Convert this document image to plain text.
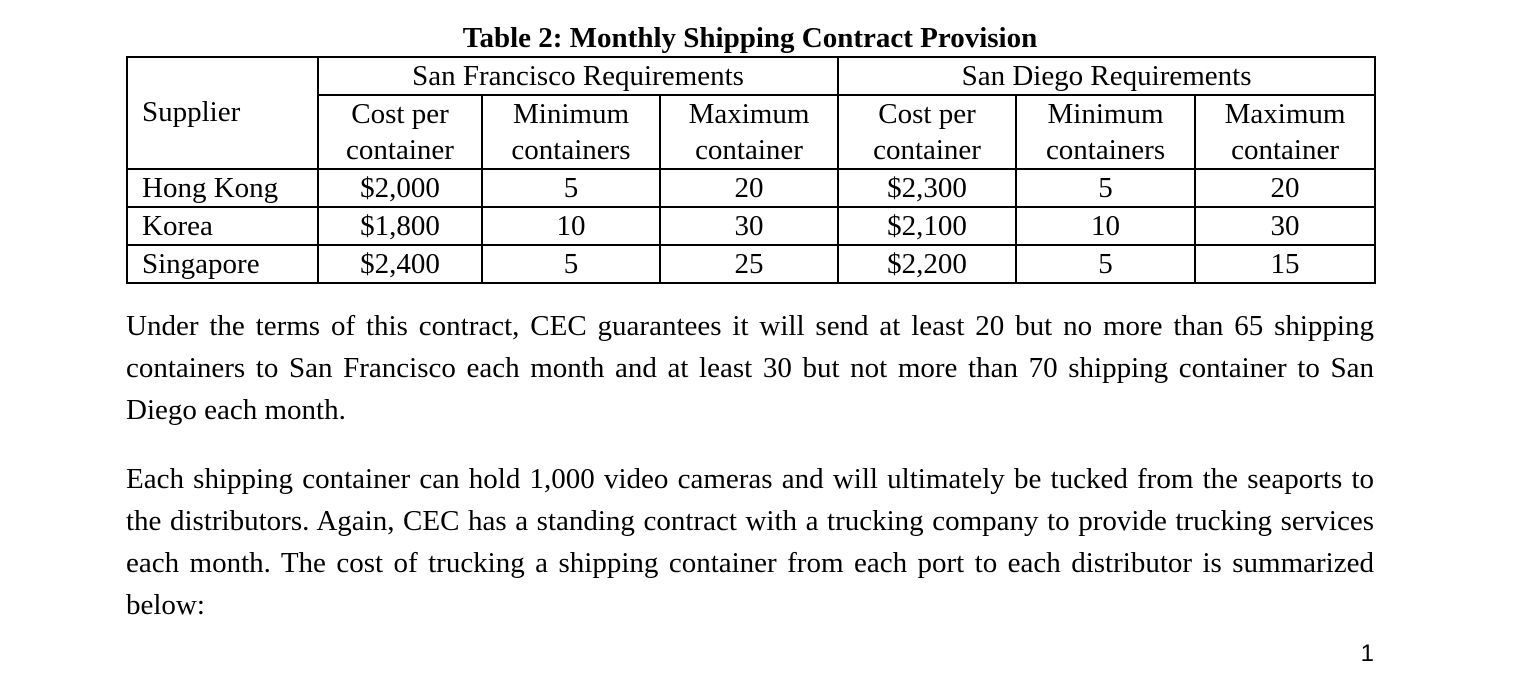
Table 2: Monthly Shipping Contract Provision
Supplier	San Francisco Requirements			San Diego Requirements		
	Cost per	Minimum	Maximum	Cost per	Minimum	Maximum
	container	containers	container	container	containers	container
Hong Kong	$2,000	5	20	$2,300	5	20
Korea	$1,800	10	30	$2,100	10	30
Singapore	$2,400	5	25	$2,200	5	15

Under the terms of this contract, CEC guarantees it will send at least 20 but no more than 65 shipping containers to San Francisco each month and at least 30 but not more than 70 shipping container to San Diego each month.

Each shipping container can hold 1,000 video cameras and will ultimately be tucked from the seaports to the distributors. Again, CEC has a standing contract with a trucking company to provide trucking services each month. The cost of trucking a shipping container from each port to each distributor is summarized below:

1
